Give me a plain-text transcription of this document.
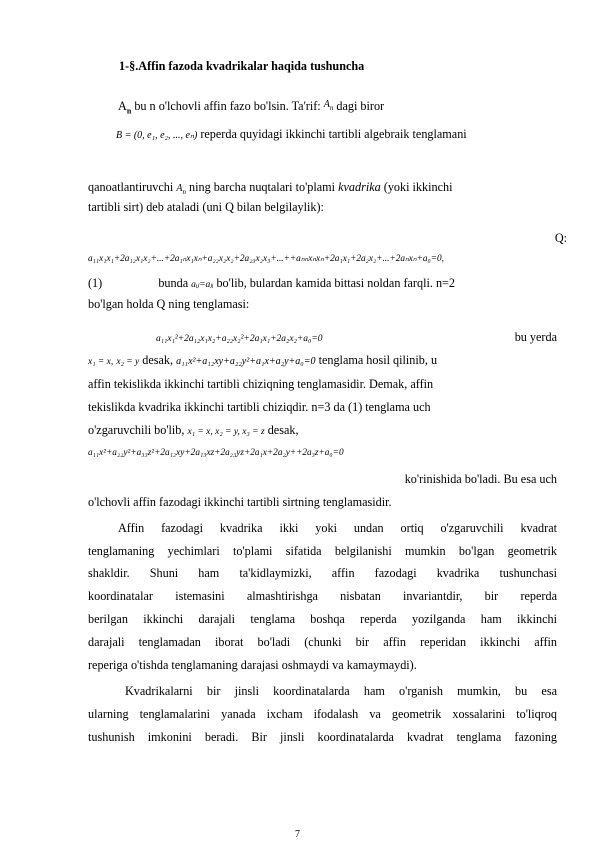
1-§.Affin fazoda kvadrikalar haqida tushuncha
$A_n$ bu n o'lchovli affin fazo bo'lsin. Ta'rif: $A_n$ dagi biror
B = (0, e₁, e₂, ..., eₙ) reperda quyidagi ikkinchi tartibli algebraik tenglamani
qanoatlantiruvchi $A_n$ ning barcha nuqtalari to'plami kvadrika (yoki ikkinchi
tartibli sirt) deb ataladi (uni Q bilan belgilaylik):
Q:
a₁₁x₁x₁+2a₁₂x₁x₂+...+2a₁ₙx₁xₙ+a₂₂x₂x₂+2a₂₃x₂x₃+...++aₙₙxₙxₙ+2a₁x₁+2a₂x₂+...+2aₙxₙ+a₀=0,
(1)	bunda aᵢⱼ=aⱼᵢ bo'lib, bulardan kamida bittasi noldan farqli. n=2
bo'lgan holda Q ning tenglamasi:
a₁₁x₁²+2a₁₂x₁x₂+a₂₂x₂²+2a₁x₁+2a₂x₂+a₀=0	bu yerda
x₁ = x, x₂ = y desak, a₁₁x²+a₁₂xy+a₂₂y²+a₁x+a₂y+a₀=0 tenglama hosil qilinib, u
affin tekislikda ikkinchi tartibli chiziqning tenglamasidir. Demak, affin
tekislikda kvadrika ikkinchi tartibli chiziqdir. n=3 da (1) tenglama uch
o'zgaruvchili bo'lib, x₁ = x, x₂ = y, x₃ = z desak,
a₁₁x²+a₂₂y²+a₃₃z²+2a₁₂xy+2a₁₃xz+2a₂₃yz+2a₁x+2a₂y++2a₃z+a₀=0
ko'rinishida bo'ladi. Bu esa uch
o'lchovli affin fazodagi ikkinchi tartibli sirtning tenglamasidir.
Affin fazodagi kvadrika ikki yoki undan ortiq o'zgaruvchili kvadrat
tenglamaning yechimlari to'plami sifatida belgilanishi mumkin bo'lgan geometrik
shakldir. Shuni ham ta'kidlaymizki, affin fazodagi kvadrika tushunchasi
koordinatalar istemasini almashtirishga nisbatan invariantdir, bir reperda
berilgan ikkinchi darajali tenglama boshqa reperda yozilganda ham ikkinchi
darajali tenglamadan iborat bo'ladi (chunki bir affin reperidan ikkinchi affin
reperiga o'tishda tenglamaning darajasi oshmaydi va kamaymaydi).
Kvadrikalarni bir jinsli koordinatalarda ham o'rganish mumkin, bu esa
ularning tenglamalarini yanada ixcham ifodalash va geometrik xossalarini to'liqroq
tushunish imkonini beradi. Bir jinsli koordinatalarda kvadrat tenglama fazoning
7
